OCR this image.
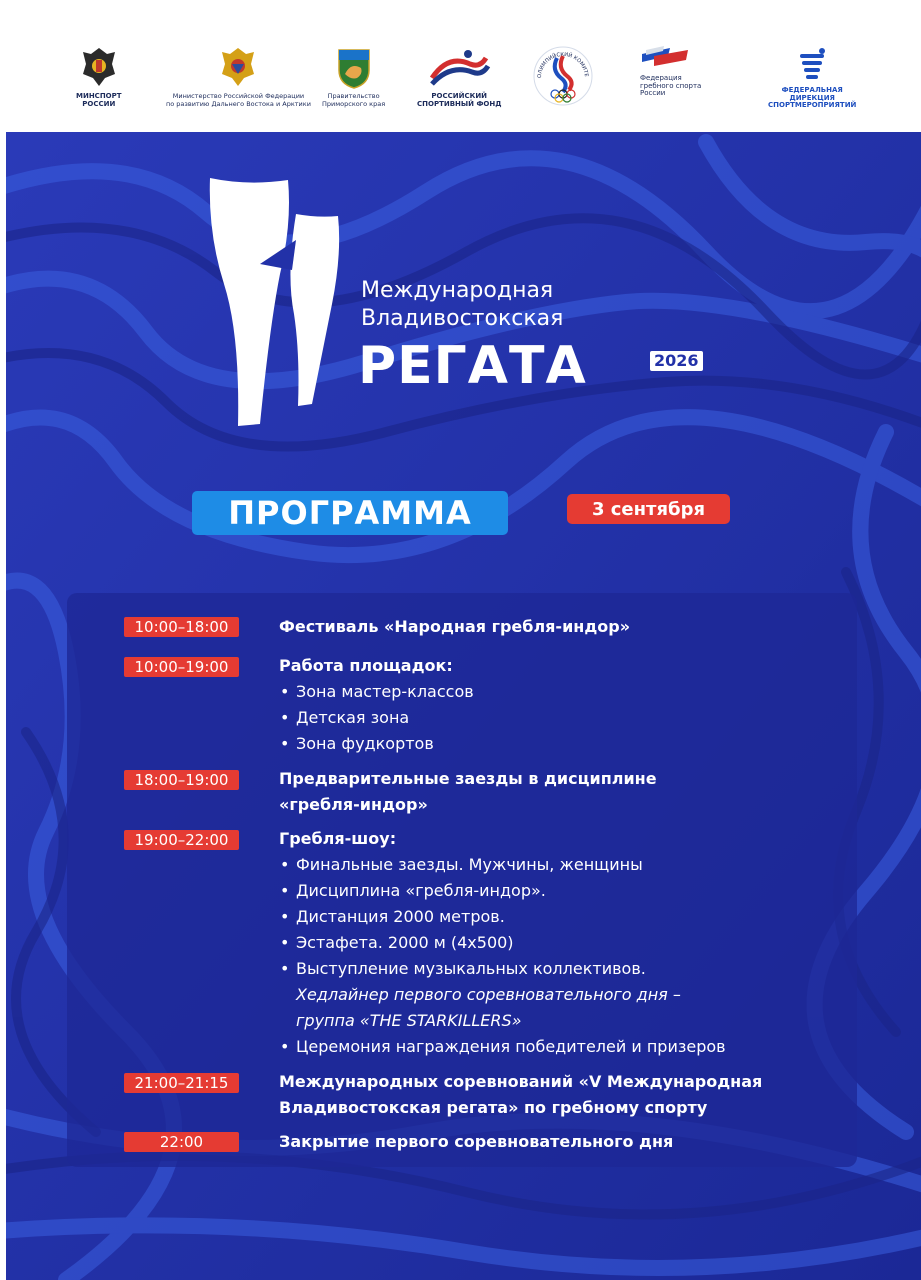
МИНСПОРТ
РОССИИ
Министерство Российской Федерации
по развитию Дальнего Востока и Арктики
Правительство
Приморского края
РОССИЙСКИЙ
СПОРТИВНЫЙ ФОНД
Федерация
гребного спорта
России	ФЕДЕРАЛЬНАЯ
ДИРЕКЦИЯ
СПОРТМЕРОПРИЯТИЙ
Международная
Владивостокская
РЕГАТА	2026
ПРОГРАММА	3 сентября
10:00–18:00	Фестиваль «Народная гребля-индор»
10:00–19:00	Работа площадок:
• Зона мастер-классов
• Детская зона
• Зона фудкортов
18:00–19:00	Предварительные заезды в дисциплине
«гребля-индор»
19:00–22:00	Гребля-шоу:
• Финальные заезды. Мужчины, женщины
• Дисциплина «гребля-индор».
• Дистанция 2000 метров.
• Эстафета. 2000 м (4х500)
• Выступление музыкальных коллективов.
Хедлайнер первого соревновательного дня –
группа «THE STARKILLERS»
• Церемония награждения победителей и призеров
21:00–21:15	Международных соревнований «V Международная
Владивостокская регата» по гребному спорту
22:00	Закрытие первого соревновательного дня
ОЛИМПИЙСКИЙ КОМИТЕ
